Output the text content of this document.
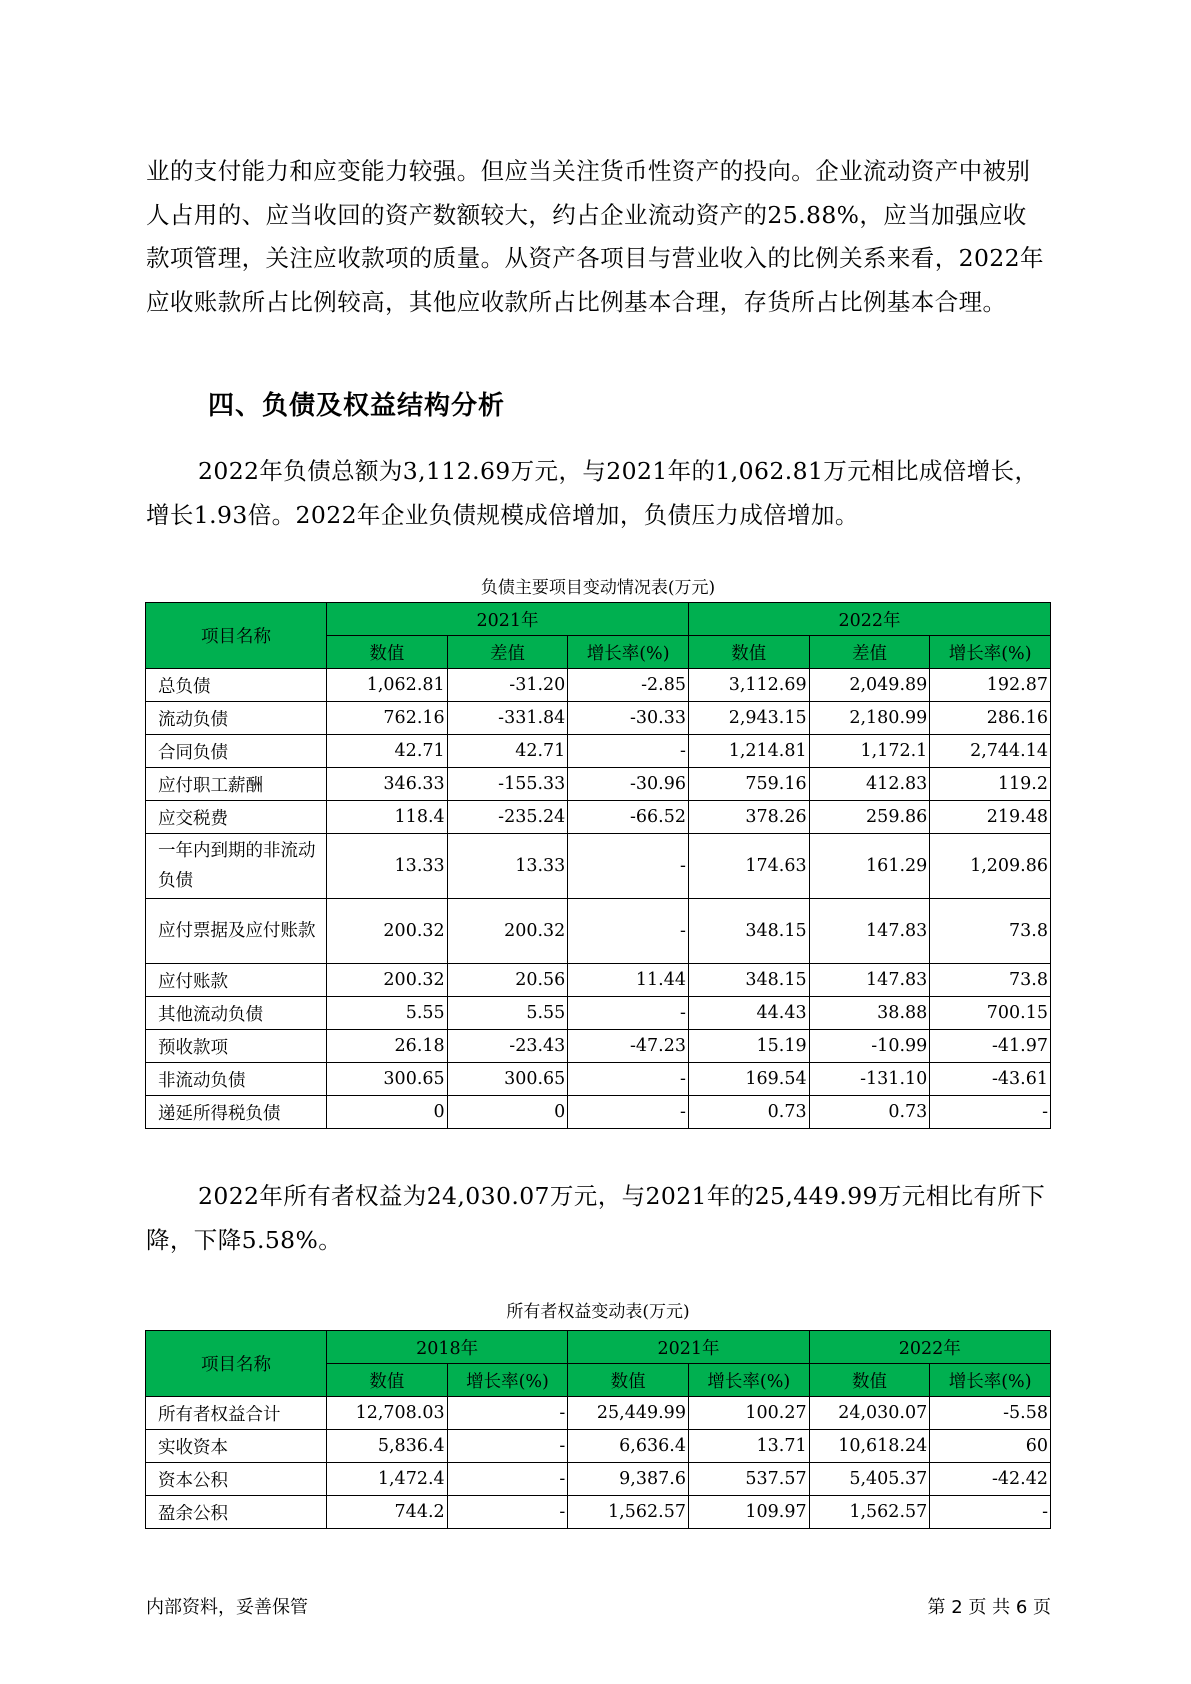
业的支付能力和应变能力较强。但应当关注货币性资产的投向。企业流动资产中被别人占用的、应当收回的资产数额较大，约占企业流动资产的25.88%，应当加强应收款项管理，关注应收款项的质量。从资产各项目与营业收入的比例关系来看，2022年应收账款所占比例较高，其他应收款所占比例基本合理，存货所占比例基本合理。

四、负债及权益结构分析

2022年负债总额为3,112.69万元，与2021年的1,062.81万元相比成倍增长，增长1.93倍。2022年企业负债规模成倍增加，负债压力成倍增加。

负债主要项目变动情况表(万元)

项目名称	2021年			2022年		
	数值	差值	增长率(%)	数值	差值	增长率(%)
总负债	1,062.81	-31.20	-2.85	3,112.69	2,049.89	192.87
流动负债	762.16	-331.84	-30.33	2,943.15	2,180.99	286.16
合同负债	42.71	42.71	-	1,214.81	1,172.1	2,744.14
应付职工薪酬	346.33	-155.33	-30.96	759.16	412.83	119.2
应交税费	118.4	-235.24	-66.52	378.26	259.86	219.48
一年内到期的非流动负债	13.33	13.33	-	174.63	161.29	1,209.86
应付票据及应付账款	200.32	200.32	-	348.15	147.83	73.8
应付账款	200.32	20.56	11.44	348.15	147.83	73.8
其他流动负债	5.55	5.55	-	44.43	38.88	700.15
预收款项	26.18	-23.43	-47.23	15.19	-10.99	-41.97
非流动负债	300.65	300.65	-	169.54	-131.10	-43.61
递延所得税负债	0	0	-	0.73	0.73	-

2022年所有者权益为24,030.07万元，与2021年的25,449.99万元相比有所下降，下降5.58%。

所有者权益变动表(万元)

项目名称	2018年		2021年		2022年	
	数值	增长率(%)	数值	增长率(%)	数值	增长率(%)
所有者权益合计	12,708.03	-	25,449.99	100.27	24,030.07	-5.58
实收资本	5,836.4	-	6,636.4	13.71	10,618.24	60
资本公积	1,472.4	-	9,387.6	537.57	5,405.37	-42.42
盈余公积	744.2	-	1,562.57	109.97	1,562.57	-

内部资料，妥善保管	第 2 页 共 6 页
